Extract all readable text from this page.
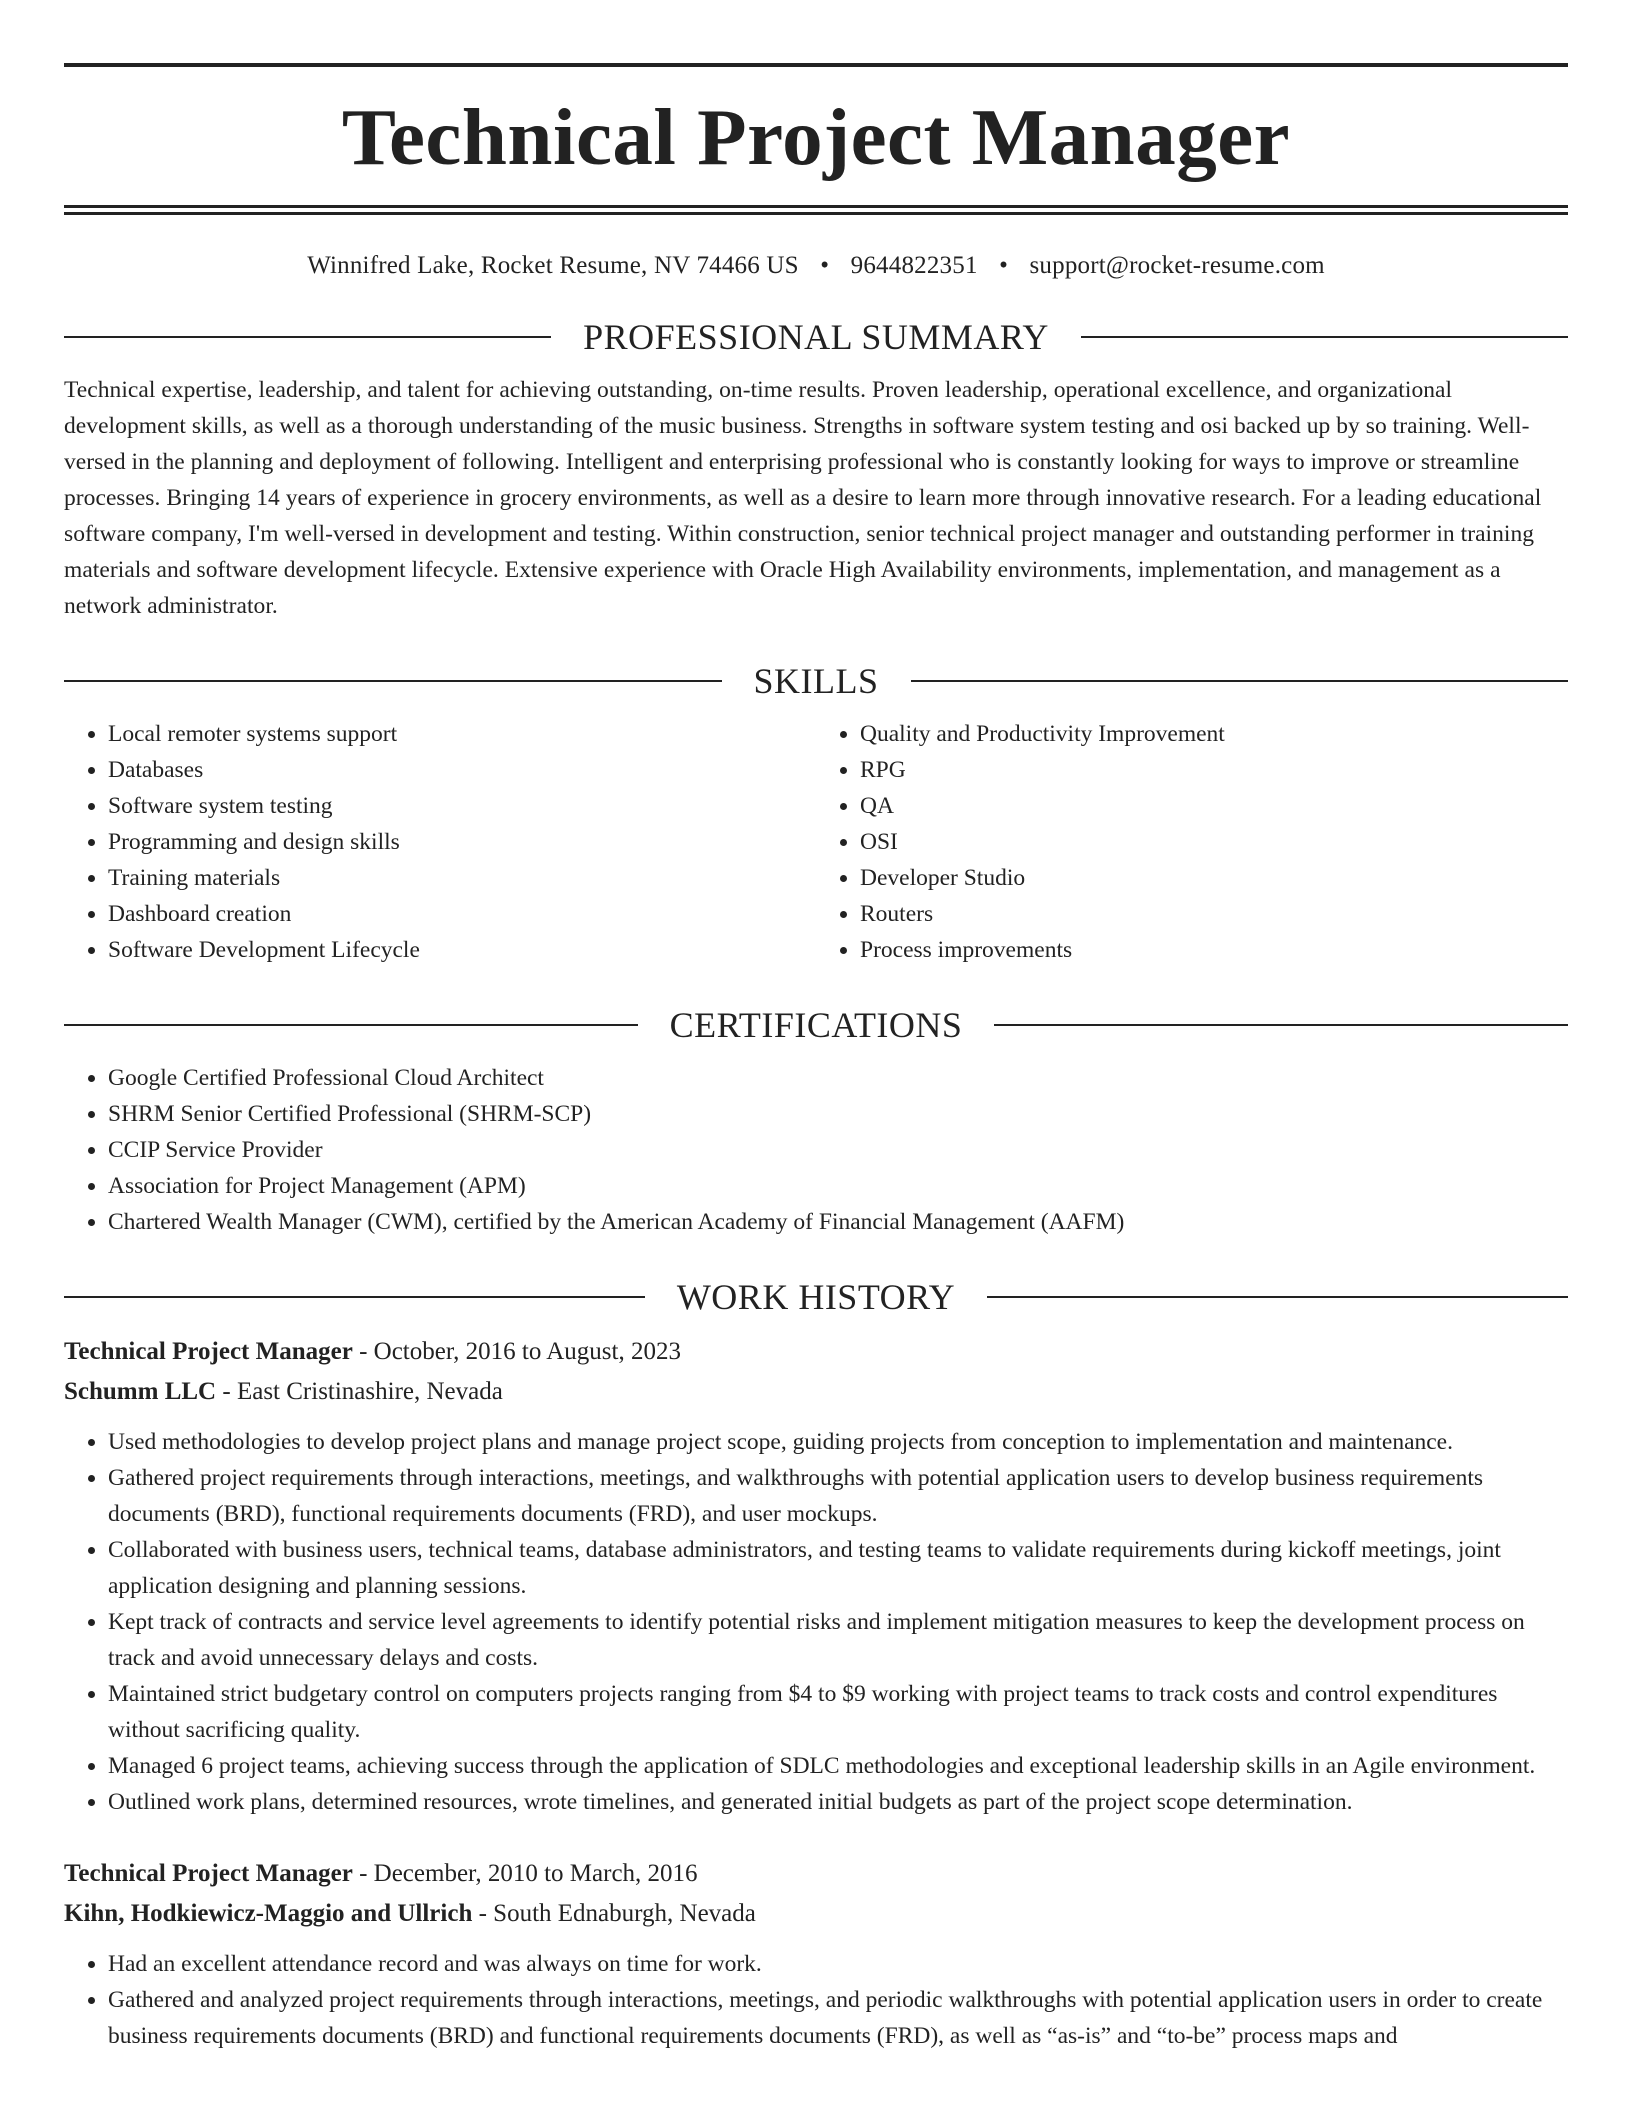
Technical Project Manager
Winnifred Lake, Rocket Resume, NV 74466 US • 9644822351 • support@rocket-resume.com
PROFESSIONAL SUMMARY

Technical expertise, leadership, and talent for achieving outstanding, on-time results. Proven leadership, operational excellence, and organizational development skills, as well as a thorough understanding of the music business. Strengths in software system testing and osi backed up by so training. Well-versed in the planning and deployment of following. Intelligent and enterprising professional who is constantly looking for ways to improve or streamline processes. Bringing 14 years of experience in grocery environments, as well as a desire to learn more through innovative research. For a leading educational software company, I'm well-versed in development and testing. Within construction, senior technical project manager and outstanding performer in training materials and software development lifecycle. Extensive experience with Oracle High Availability environments, implementation, and management as a network administrator.

SKILLS
• Local remoter systems support
• Databases
• Software system testing
• Programming and design skills
• Training materials
• Dashboard creation
• Software Development Lifecycle
• Quality and Productivity Improvement
• RPG
• QA
• OSI
• Developer Studio
• Routers
• Process improvements
CERTIFICATIONS
• Google Certified Professional Cloud Architect
• SHRM Senior Certified Professional (SHRM-SCP)
• CCIP Service Provider
• Association for Project Management (APM)
• Chartered Wealth Manager (CWM), certified by the American Academy of Financial Management (AAFM)
WORK HISTORY
Technical Project Manager - October, 2016 to August, 2023
Schumm LLC - East Cristinashire, Nevada
• Used methodologies to develop project plans and manage project scope, guiding projects from conception to implementation and maintenance.
• Gathered project requirements through interactions, meetings, and walkthroughs with potential application users to develop business requirements documents (BRD), functional requirements documents (FRD), and user mockups.
• Collaborated with business users, technical teams, database administrators, and testing teams to validate requirements during kickoff meetings, joint application designing and planning sessions.
• Kept track of contracts and service level agreements to identify potential risks and implement mitigation measures to keep the development process on track and avoid unnecessary delays and costs.
• Maintained strict budgetary control on computers projects ranging from $4 to $9 working with project teams to track costs and control expenditures without sacrificing quality.
• Managed 6 project teams, achieving success through the application of SDLC methodologies and exceptional leadership skills in an Agile environment.
• Outlined work plans, determined resources, wrote timelines, and generated initial budgets as part of the project scope determination.
Technical Project Manager - December, 2010 to March, 2016
Kihn, Hodkiewicz-Maggio and Ullrich - South Ednaburgh, Nevada
• Had an excellent attendance record and was always on time for work.
• Gathered and analyzed project requirements through interactions, meetings, and periodic walkthroughs with potential application users in order to create business requirements documents (BRD) and functional requirements documents (FRD), as well as “as-is” and “to-be” process maps and
